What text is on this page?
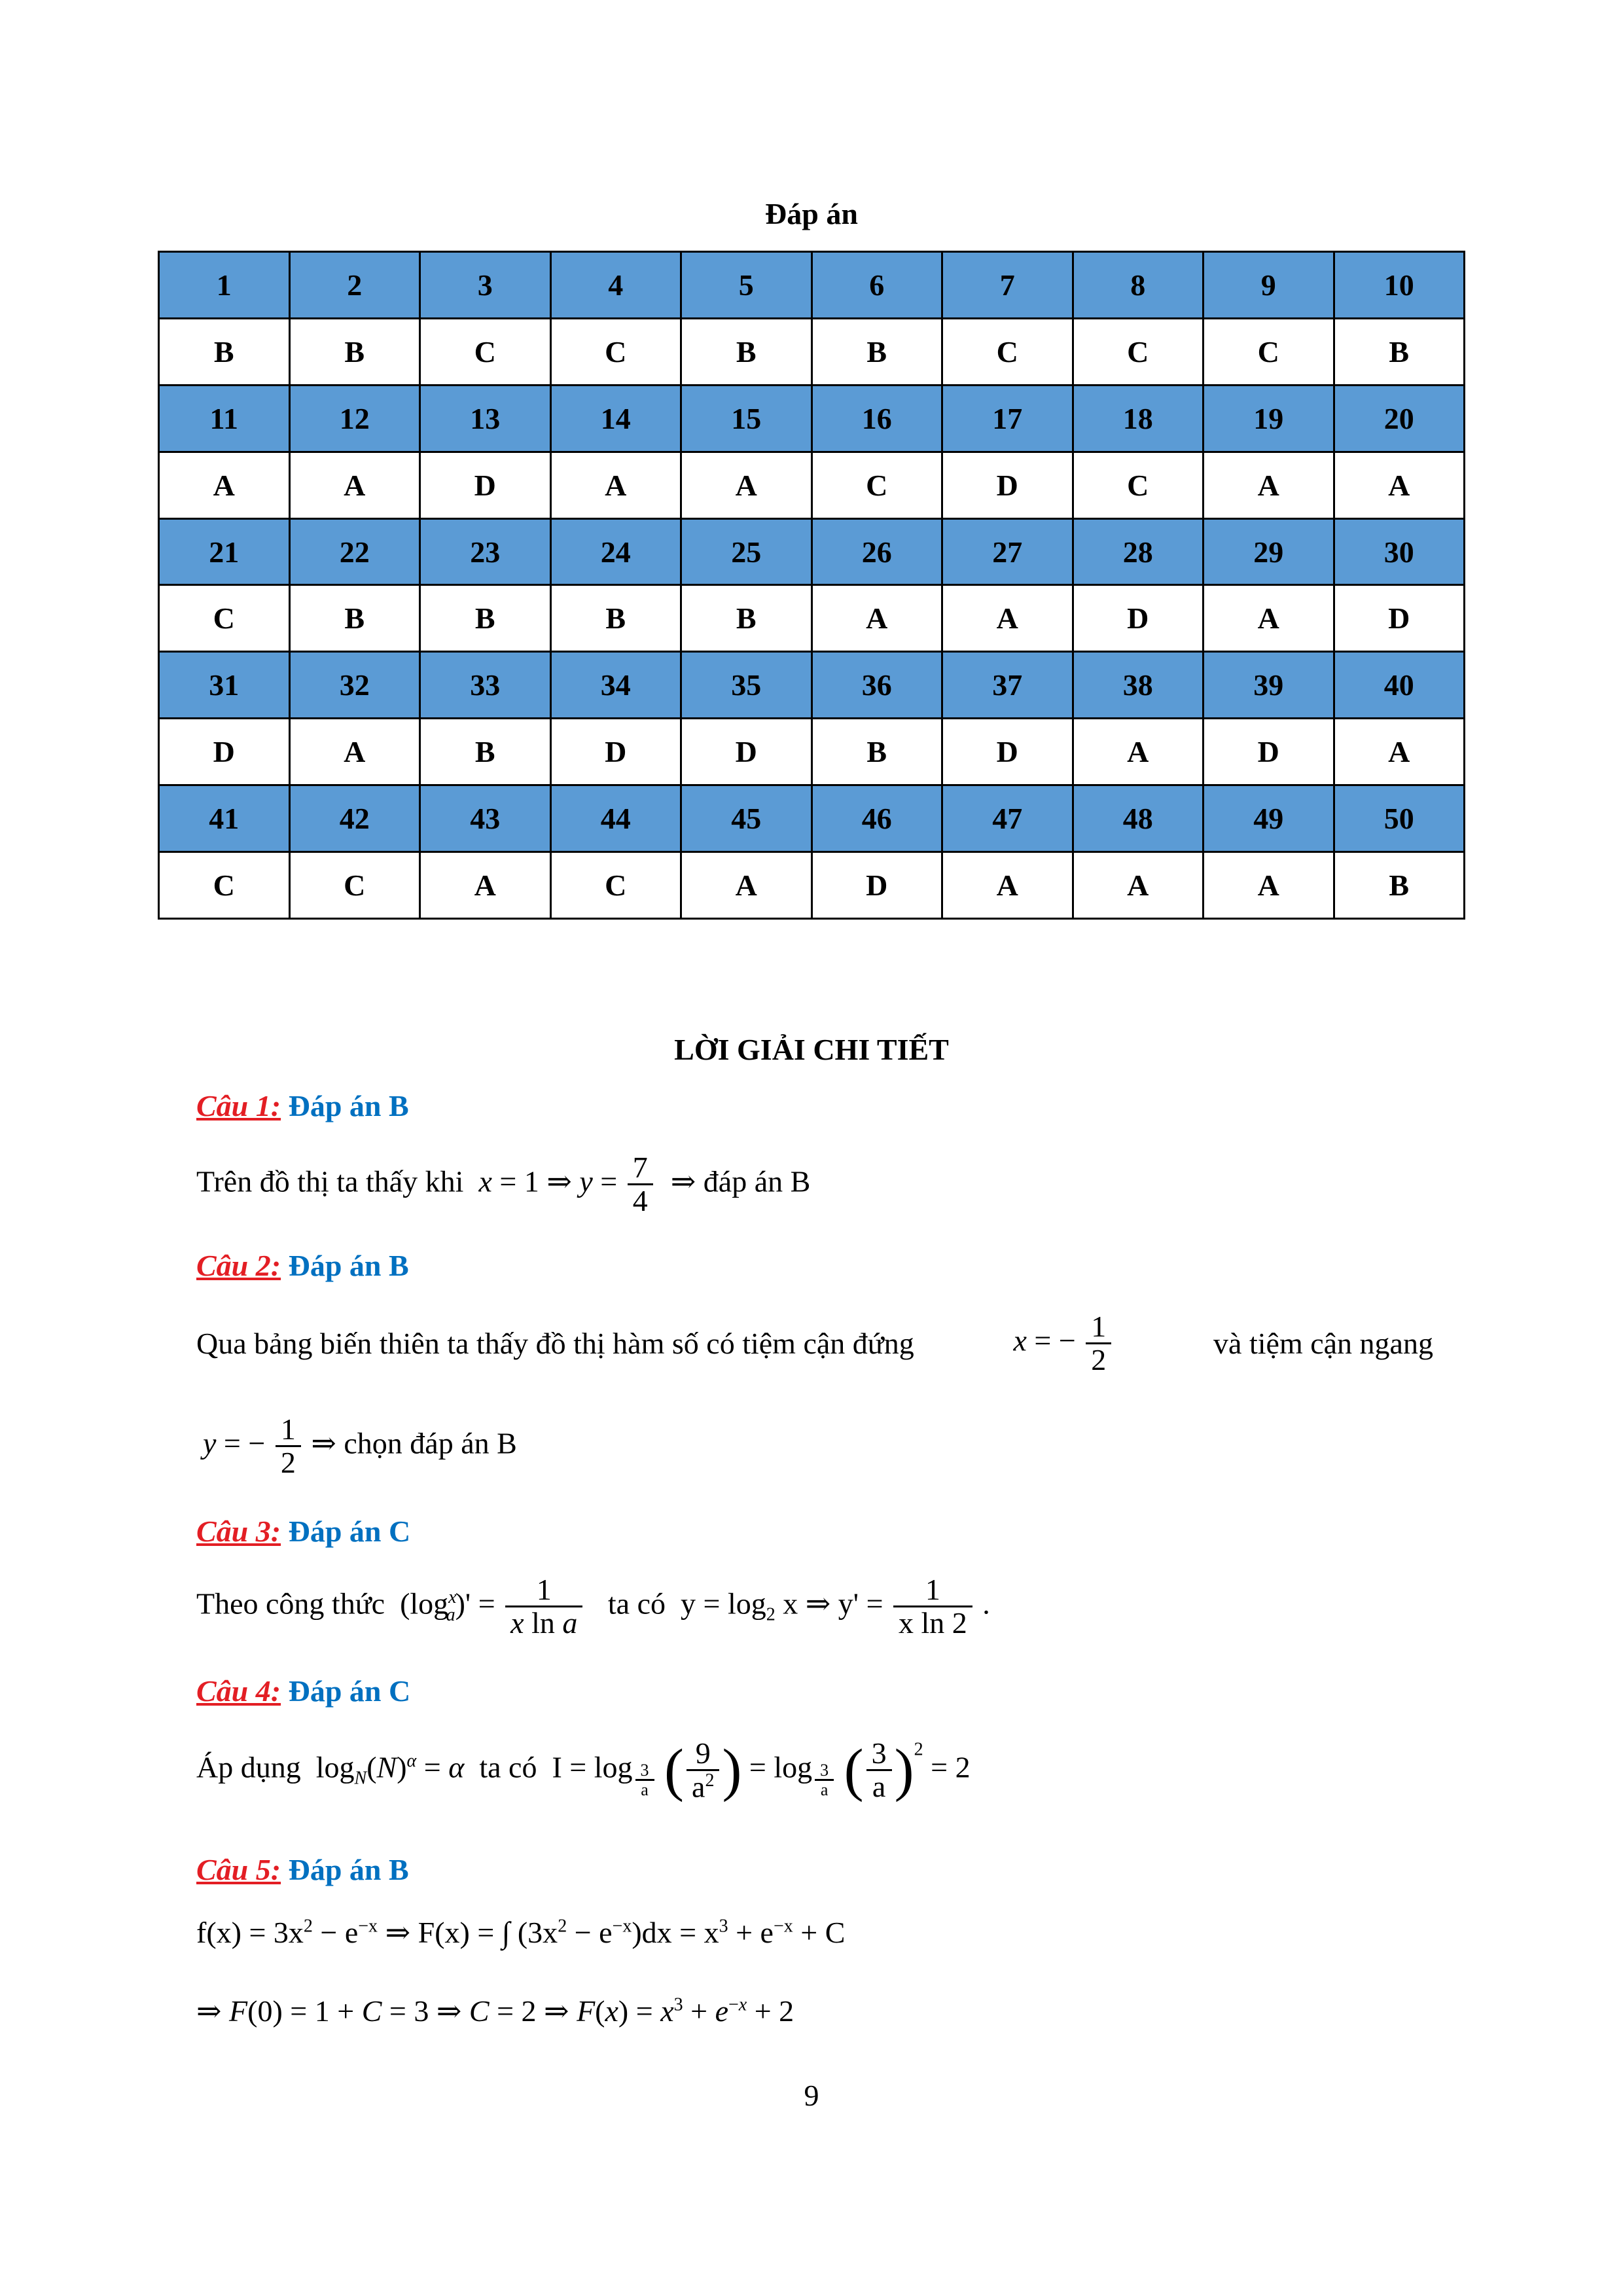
Đáp án
1	2	3	4	5	6	7	8	9	10
B	B	C	C	B	B	C	C	C	B
11	12	13	14	15	16	17	18	19	20
A	A	D	A	A	C	D	C	A	A
21	22	23	24	25	26	27	28	29	30
C	B	B	B	B	A	A	D	A	D
31	32	33	34	35	36	37	38	39	40
D	A	B	D	D	B	D	A	D	A
41	42	43	44	45	46	47	48	49	50
C	C	A	C	A	D	A	A	A	B
LỜI GIẢI CHI TIẾT
Câu 1: Đáp án B
Trên đồ thị ta thấy khi x = 1 ⇒ $y = \frac{7}{4}$ ⇒ đáp án B
Câu 2: Đáp án B
Qua bảng biến thiên ta thấy đồ thị hàm số có tiệm cận đứng	x = − $\frac{1}{2}$	và tiệm cận ngang
y = − $\frac{1}{2}$ ⇒ chọn đáp án B
Câu 3: Đáp án C
Theo công thức  $(\log^x_a)' = \frac{1}{\text{x ln a}}$ ta có  $y = \log_2 x$ ⇒ $y' = \frac{1}{\text{x ln 2}}$ .
Câu 4: Đáp án C
Áp dụng  $\log_N(N)^\alpha = \alpha$ ta có  I = log $_{\frac{3}{a}}$ ( $\frac{9}{a^2}$ ) = log $_{\frac{3}{a}}$ ( $\frac{3}{a} )^2 = 2$
Câu 5: Đáp án B
$f(x) = 3x^2 - e^{-x}$ ⇒ F(x) = ∫ $(3x^2 - e^{-x})dx = x^3 + e^{-x} + C$
⇒ F(0) = 1 + C = 3 ⇒ C = 2 ⇒ $F(x) = x^3 + e^{-x} + 2$
9
